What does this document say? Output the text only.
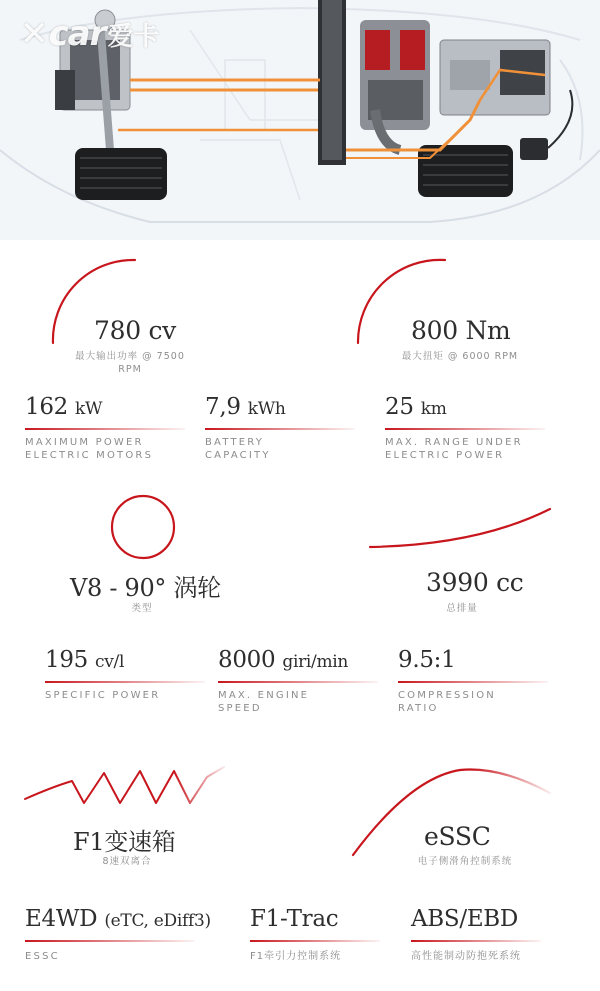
✕car爱卡
780 cv
最大输出功率 @ 7500 RPM
800 Nm
最大扭矩 @ 6000 RPM
162 kW
MAXIMUM POWER ELECTRIC MOTORS
7,9 kWh
BATTERY CAPACITY
25 km
MAX. RANGE UNDER ELECTRIC POWER
V8 - 90° 涡轮
类型
3990 cc
总排量
195 cv/l
SPECIFIC POWER
8000 giri/min
MAX. ENGINE SPEED
9.5:1
COMPRESSION RATIO
F1变速箱
8速双离合
eSSC
电子侧滑角控制系统
E4WD (eTC, eDiff3)
ESSC
F1-Trac
F1牵引力控制系统
ABS/EBD
高性能制动防抱死系统
